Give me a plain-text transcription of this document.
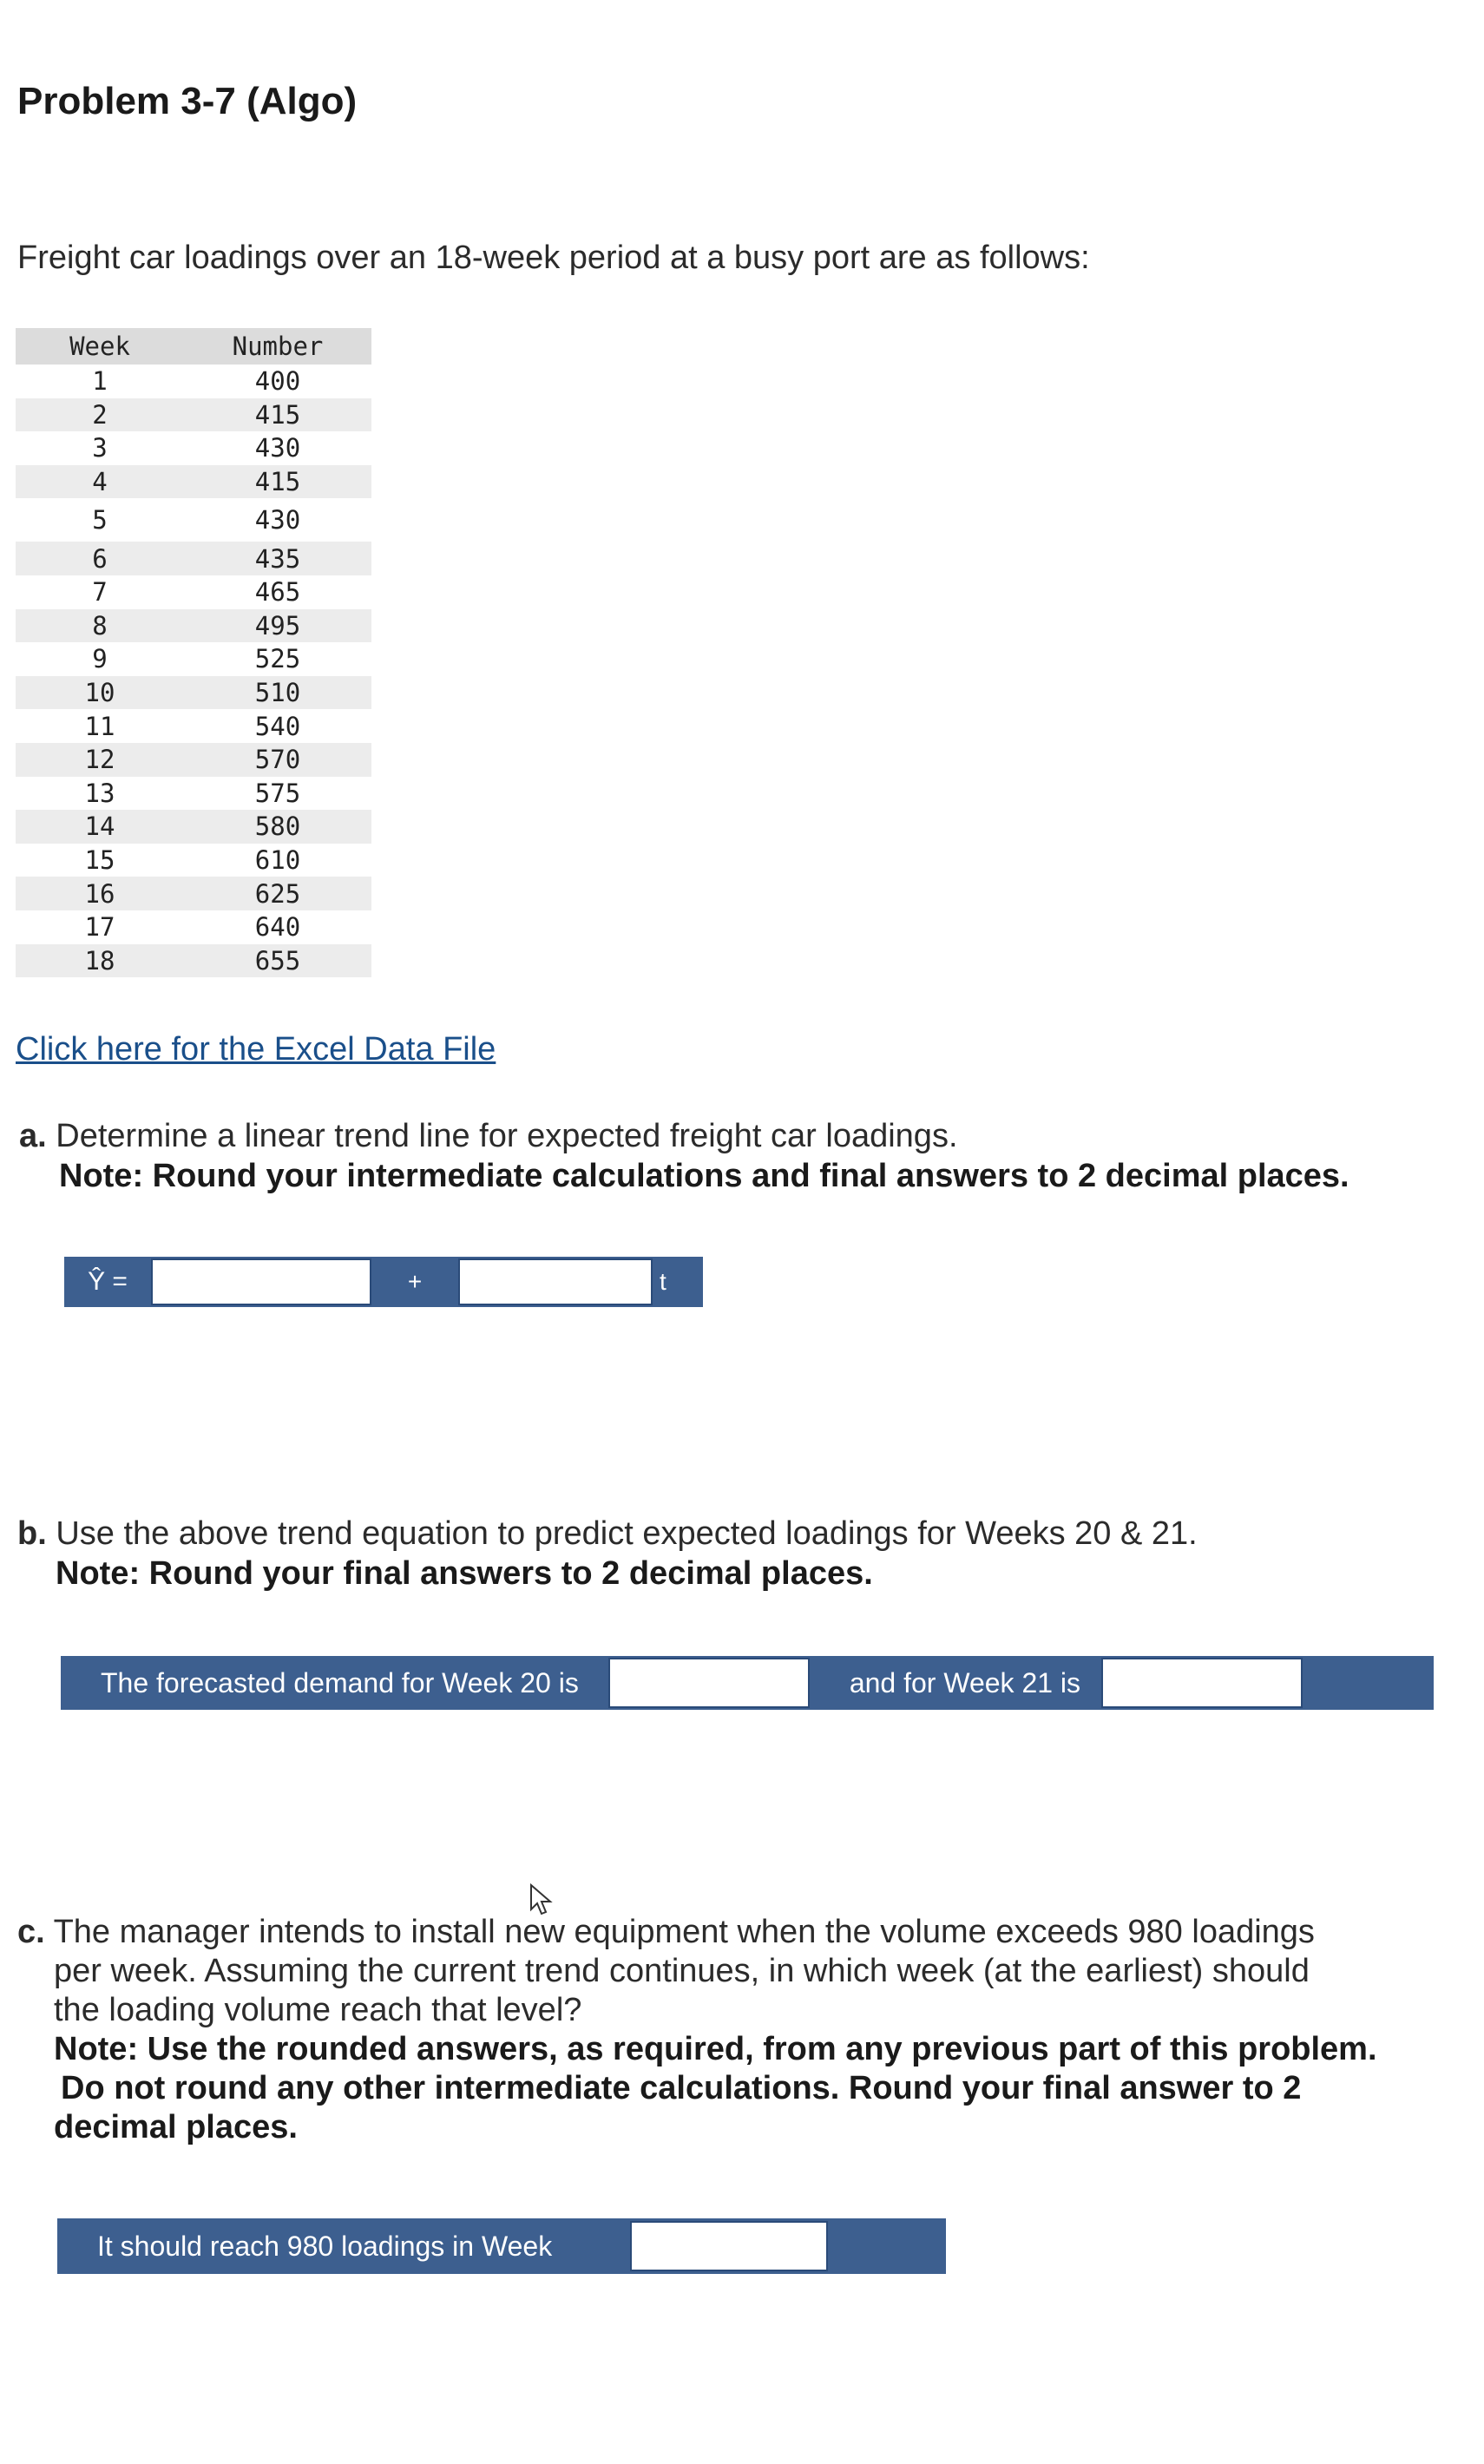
Problem 3-7 (Algo)
Freight car loadings over an 18-week period at a busy port are as follows:
Week	Number
1	400
2	415
3	430
4	415
5	430
6	435
7	465
8	495
9	525
10	510
11	540
12	570
13	575
14	580
15	610
16	625
17	640
18	655
Click here for the Excel Data File
a. Determine a linear trend line for expected freight car loadings.
Note: Round your intermediate calculations and final answers to 2 decimal places.
Ŷ =	+	t
b. Use the above trend equation to predict expected loadings for Weeks 20 & 21.
Note: Round your final answers to 2 decimal places.
The forecasted demand for Week 20 is	and for Week 21 is
c. The manager intends to install new equipment when the volume exceeds 980 loadings
per week. Assuming the current trend continues, in which week (at the earliest) should
the loading volume reach that level?
Note: Use the rounded answers, as required, from any previous part of this problem.
Do not round any other intermediate calculations. Round your final answer to 2
decimal places.
It should reach 980 loadings in Week
